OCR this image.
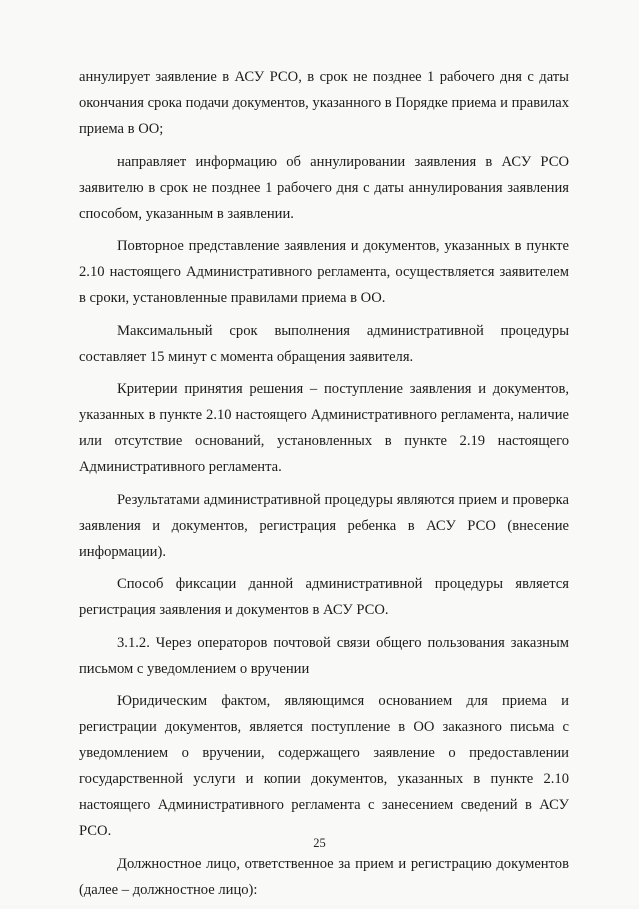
аннулирует заявление в АСУ РСО, в срок не позднее 1 рабочего дня с даты окончания срока подачи документов, указанного в Порядке приема и правилах приема в ОО;

направляет информацию об аннулировании заявления в АСУ РСО заявителю в срок не позднее 1 рабочего дня с даты аннулирования заявления способом, указанным в заявлении.

Повторное представление заявления и документов, указанных в пункте 2.10 настоящего Административного регламента, осуществляется заявителем в сроки, установленные правилами приема в ОО.

Максимальный срок выполнения административной процедуры составляет 15 минут с момента обращения заявителя.

Критерии принятия решения – поступление заявления и документов, указанных в пункте 2.10 настоящего Административного регламента, наличие или отсутствие оснований, установленных в пункте 2.19 настоящего Административного регламента.

Результатами административной процедуры являются прием и проверка заявления и документов, регистрация ребенка в АСУ РСО (внесение информации).

Способ фиксации данной административной процедуры является регистрация заявления и документов в АСУ РСО.

3.1.2. Через операторов почтовой связи общего пользования заказным письмом с уведомлением о вручении

Юридическим фактом, являющимся основанием для приема и регистрации документов, является поступление в ОО заказного письма с уведомлением о вручении, содержащего заявление о предоставлении государственной услуги и копии документов, указанных в пункте 2.10 настоящего Административного регламента с занесением сведений в АСУ РСО.

Должностное лицо, ответственное за прием и регистрацию документов (далее – должностное лицо):

25
